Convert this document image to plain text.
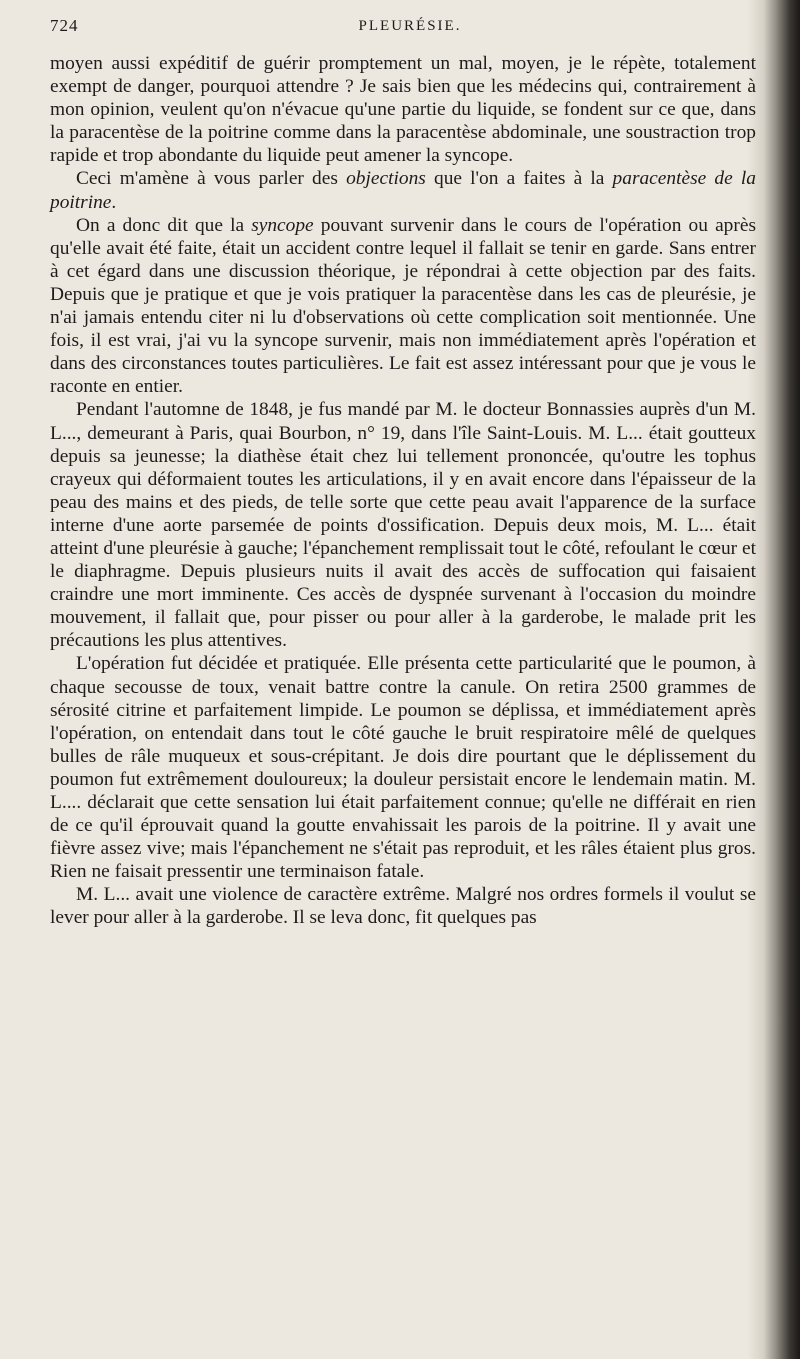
724	PLEURÉSIE.

moyen aussi expéditif de guérir promptement un mal, moyen, je le répète, totalement exempt de danger, pourquoi attendre ? Je sais bien que les médecins qui, contrairement à mon opinion, veulent qu'on n'évacue qu'une partie du liquide, se fondent sur ce que, dans la paracentèse de la poitrine comme dans la paracentèse abdominale, une soustraction trop rapide et trop abondante du liquide peut amener la syncope.

Ceci m'amène à vous parler des objections que l'on a faites à la paracentèse de la poitrine.

On a donc dit que la syncope pouvant survenir dans le cours de l'opération ou après qu'elle avait été faite, était un accident contre lequel il fallait se tenir en garde. Sans entrer à cet égard dans une discussion théorique, je répondrai à cette objection par des faits. Depuis que je pratique et que je vois pratiquer la paracentèse dans les cas de pleurésie, je n'ai jamais entendu citer ni lu d'observations où cette complication soit mentionnée. Une fois, il est vrai, j'ai vu la syncope survenir, mais non immédiatement après l'opération et dans des circonstances toutes particulières. Le fait est assez intéressant pour que je vous le raconte en entier.

Pendant l'automne de 1848, je fus mandé par M. le docteur Bonnassies auprès d'un M. L..., demeurant à Paris, quai Bourbon, n° 19, dans l'île Saint-Louis. M. L... était goutteux depuis sa jeunesse; la diathèse était chez lui tellement prononcée, qu'outre les tophus crayeux qui déformaient toutes les articulations, il y en avait encore dans l'épaisseur de la peau des mains et des pieds, de telle sorte que cette peau avait l'apparence de la surface interne d'une aorte parsemée de points d'ossification. Depuis deux mois, M. L... était atteint d'une pleurésie à gauche; l'épanchement remplissait tout le côté, refoulant le cœur et le diaphragme. Depuis plusieurs nuits il avait des accès de suffocation qui faisaient craindre une mort imminente. Ces accès de dyspnée survenant à l'occasion du moindre mouvement, il fallait que, pour pisser ou pour aller à la garderobe, le malade prit les précautions les plus attentives.

L'opération fut décidée et pratiquée. Elle présenta cette particularité que le poumon, à chaque secousse de toux, venait battre contre la canule. On retira 2500 grammes de sérosité citrine et parfaitement limpide. Le poumon se déplissa, et immédiatement après l'opération, on entendait dans tout le côté gauche le bruit respiratoire mêlé de quelques bulles de râle muqueux et sous-crépitant. Je dois dire pourtant que le déplissement du poumon fut extrêmement douloureux; la douleur persistait encore le lendemain matin. M. L.... déclarait que cette sensation lui était parfaitement connue; qu'elle ne différait en rien de ce qu'il éprouvait quand la goutte envahissait les parois de la poitrine. Il y avait une fièvre assez vive; mais l'épanchement ne s'était pas reproduit, et les râles étaient plus gros. Rien ne faisait pressentir une terminaison fatale.

M. L... avait une violence de caractère extrême. Malgré nos ordres formels il voulut se lever pour aller à la garderobe. Il se leva donc, fit quelques pas
